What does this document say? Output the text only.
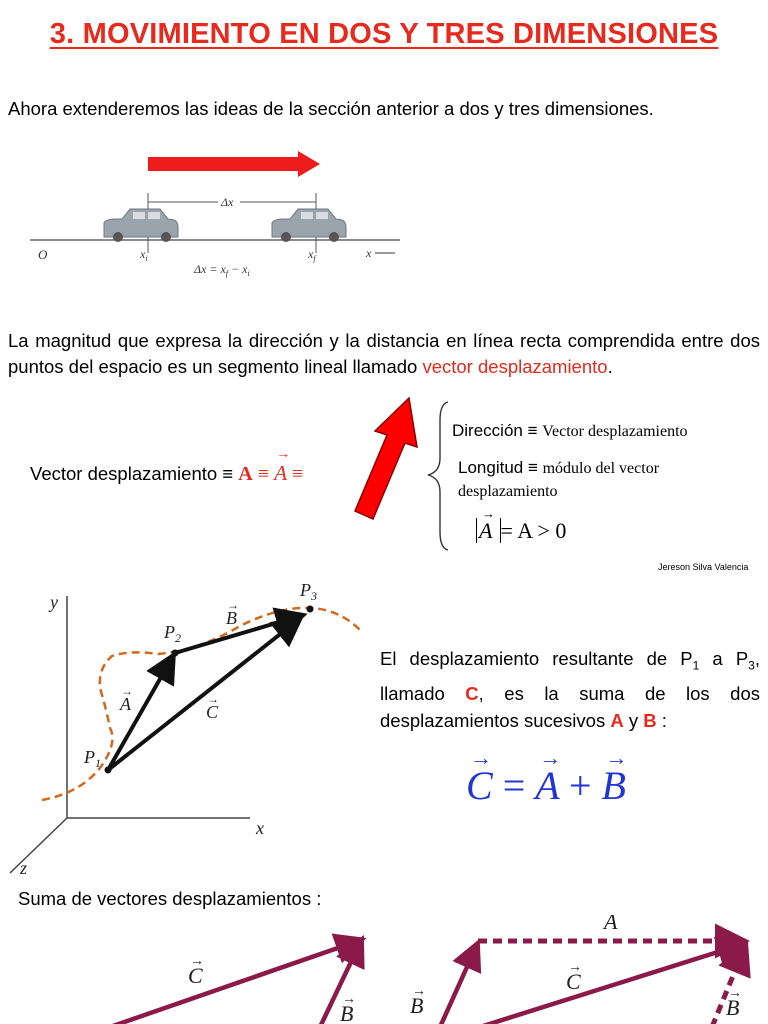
3. MOVIMIENTO EN DOS Y TRES DIMENSIONES
Ahora extenderemos las ideas de la sección anterior a dos y tres dimensiones.
Δx
O	$x_i$	$x_f$	x
$\Delta x = x_f - x_i$
La magnitud que expresa la dirección y la distancia en línea recta comprendida entre dos puntos del espacio es un segmento lineal llamado vector desplazamiento.
Vector desplazamiento ≡ A ≡
→
A ≡
Dirección ≡ Vector desplazamiento
Longitud ≡ módulo del vector
desplazamiento
→
A = A > 0
Jereson Silva Valencia
y
x
z
$P_1$
$P_2$
$P_3$
A
B
C
→
→
→
El desplazamiento resultante de $P_1$ a $P_3$, llamado C, es la suma de los dos desplazamientos sucesivos A y B :
→
C =
→
A +
→
B
Suma de vectores desplazamientos :
C
B	B
A
C
B
→
→	→
→
→
